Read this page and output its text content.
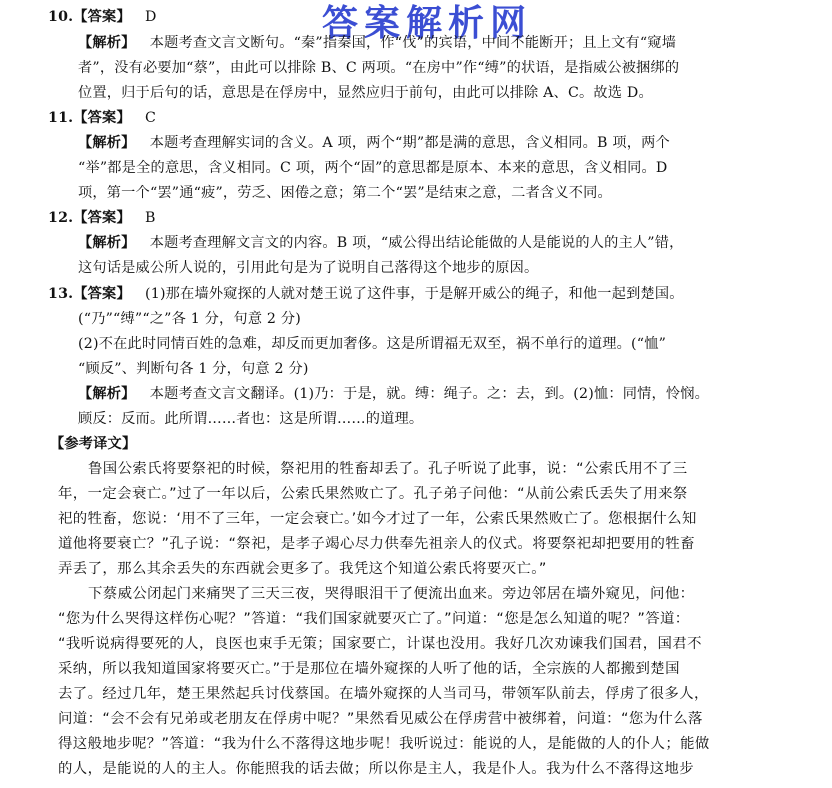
答案解析网
10.【答案】 D
【解析】 本题考查文言文断句。“秦”指秦国，作“伐”的宾语，中间不能断开；且上文有“窥墙
者”，没有必要加“蔡”，由此可以排除 B、C 两项。“在房中”作“缚”的状语，是指威公被捆绑的
位置，归于后句的话，意思是在俘房中，显然应归于前句，由此可以排除 A、C。故选 D。
11.【答案】 C
【解析】 本题考查理解实词的含义。A 项，两个“期”都是满的意思，含义相同。B 项，两个
“举”都是全的意思，含义相同。C 项，两个“固”的意思都是原本、本来的意思，含义相同。D
项，第一个“罢”通“疲”，劳乏、困倦之意；第二个“罢”是结束之意，二者含义不同。
12.【答案】 B
【解析】 本题考查理解文言文的内容。B 项，“威公得出结论能做的人是能说的人的主人”错，
这句话是威公所人说的，引用此句是为了说明自己落得这个地步的原因。
13.【答案】 (1)那在墙外窥探的人就对楚王说了这件事，于是解开威公的绳子，和他一起到楚国。
(“乃”“缚”“之”各 1 分，句意 2 分)
(2)不在此时同情百姓的急难，却反而更加奢侈。这是所谓福无双至，祸不单行的道理。(“恤”
“顾反”、判断句各 1 分，句意 2 分)
【解析】 本题考查文言文翻译。(1)乃：于是，就。缚：绳子。之：去，到。(2)恤：同情，怜悯。
顾反：反而。此所谓……者也：这是所谓……的道理。
【参考译文】
鲁国公索氏将要祭祀的时候，祭祀用的牲畜却丢了。孔子听说了此事，说：“公索氏用不了三
年，一定会衰亡。”过了一年以后，公索氏果然败亡了。孔子弟子问他：“从前公索氏丢失了用来祭
祀的牲畜，您说：‘用不了三年，一定会衰亡。’如今才过了一年，公索氏果然败亡了。您根据什么知
道他将要衰亡？”孔子说：“祭祀，是孝子竭心尽力供奉先祖亲人的仪式。将要祭祀却把要用的牲畜
弄丢了，那么其余丢失的东西就会更多了。我凭这个知道公索氏将要灭亡。”
下蔡威公闭起门来痛哭了三天三夜，哭得眼泪干了便流出血来。旁边邻居在墙外窥见，问他：
“您为什么哭得这样伤心呢？”答道：“我们国家就要灭亡了。”问道：“您是怎么知道的呢？”答道：
“我听说病得要死的人，良医也束手无策；国家要亡，计谋也没用。我好几次劝谏我们国君，国君不
采纳，所以我知道国家将要灭亡。”于是那位在墙外窥探的人听了他的话，全宗族的人都搬到楚国
去了。经过几年，楚王果然起兵讨伐蔡国。在墙外窥探的人当司马，带领军队前去，俘虏了很多人，
问道：“会不会有兄弟或老朋友在俘虏中呢？”果然看见威公在俘虏营中被绑着，问道：“您为什么落
得这般地步呢？”答道：“我为什么不落得这地步呢！我听说过：能说的人，是能做的人的仆人；能做
的人，是能说的人的主人。你能照我的话去做；所以你是主人，我是仆人。我为什么不落得这地步
